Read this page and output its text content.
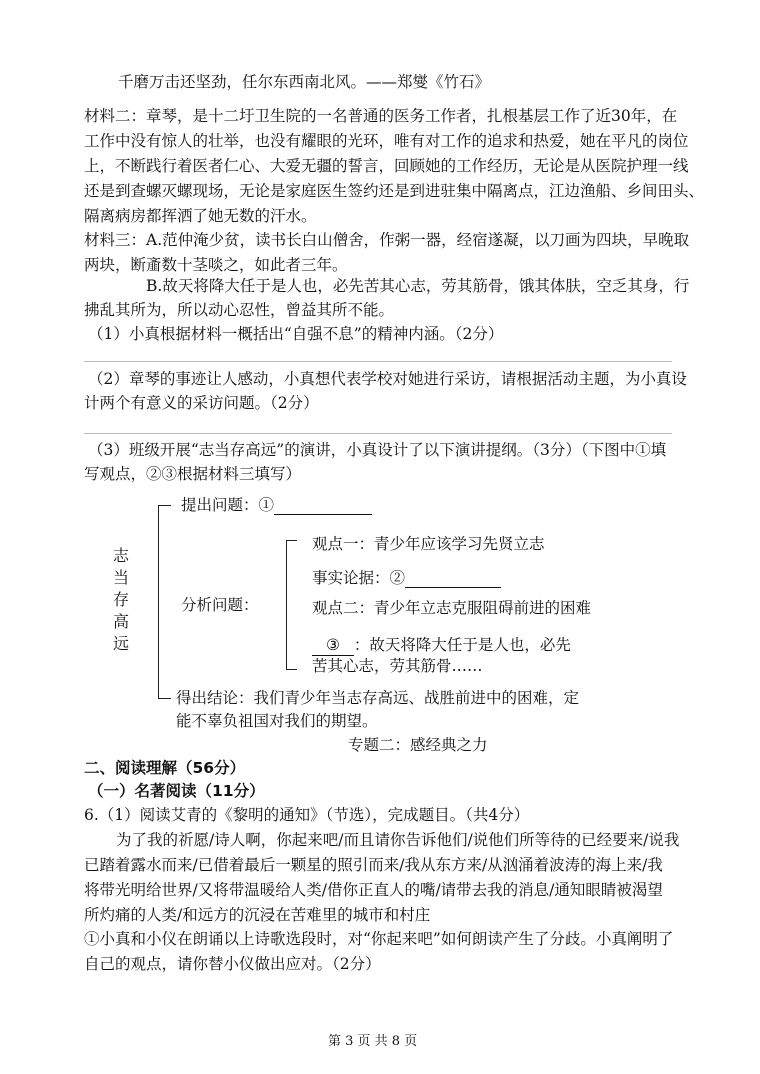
千磨万击还坚劲，任尔东西南北风。——郑燮《竹石》
材料二：章琴，是十二圩卫生院的一名普通的医务工作者，扎根基层工作了近30年，在
工作中没有惊人的壮举，也没有耀眼的光环，唯有对工作的追求和热爱，她在平凡的岗位
上，不断践行着医者仁心、大爱无疆的誓言，回顾她的工作经历，无论是从医院护理一线
还是到查螺灭螺现场，无论是家庭医生签约还是到进驻集中隔离点，江边渔船、乡间田头、
隔离病房都挥洒了她无数的汗水。
材料三：A.范仲淹少贫，读书长白山僧舍，作粥一器，经宿遂凝，以刀画为四块，早晚取
两块，断齑数十茎啖之，如此者三年。
B.故天将降大任于是人也，必先苦其心志，劳其筋骨，饿其体肤，空乏其身，行
拂乱其所为，所以动心忍性，曾益其所不能。
（1）小真根据材料一概括出“自强不息”的精神内涵。（2分）
（2）章琴的事迹让人感动，小真想代表学校对她进行采访，请根据活动主题，为小真设
计两个有意义的采访问题。（2分）
（3）班级开展“志当存高远”的演讲，小真设计了以下演讲提纲。（3分）（下图中①填
写观点，②③根据材料三填写）
志
当
存
高
远
提出问题：①
分析问题：
观点一：青少年应该学习先贤立志
事实论据：②
观点二：青少年立志克服阻碍前进的困难
③ ：故天将降大任于是人也，必先
苦其心志，劳其筋骨……
得出结论：我们青少年当志存高远、战胜前进中的困难，定
能不辜负祖国对我们的期望。
专题二：感经典之力
二、阅读理解（56分）
（一）名著阅读（11分）
6.（1）阅读艾青的《黎明的通知》（节选），完成题目。（共4分）
为了我的祈愿/诗人啊，你起来吧/而且请你告诉他们/说他们所等待的已经要来/说我
已踏着露水而来/已借着最后一颗星的照引而来/我从东方来/从汹涌着波涛的海上来/我
将带光明给世界/又将带温暖给人类/借你正直人的嘴/请带去我的消息/通知眼睛被渴望
所灼痛的人类/和远方的沉浸在苦难里的城市和村庄
①小真和小仪在朗诵以上诗歌选段时，对“你起来吧”如何朗读产生了分歧。小真阐明了
自己的观点，请你替小仪做出应对。（2分）
第 3 页 共 8 页
